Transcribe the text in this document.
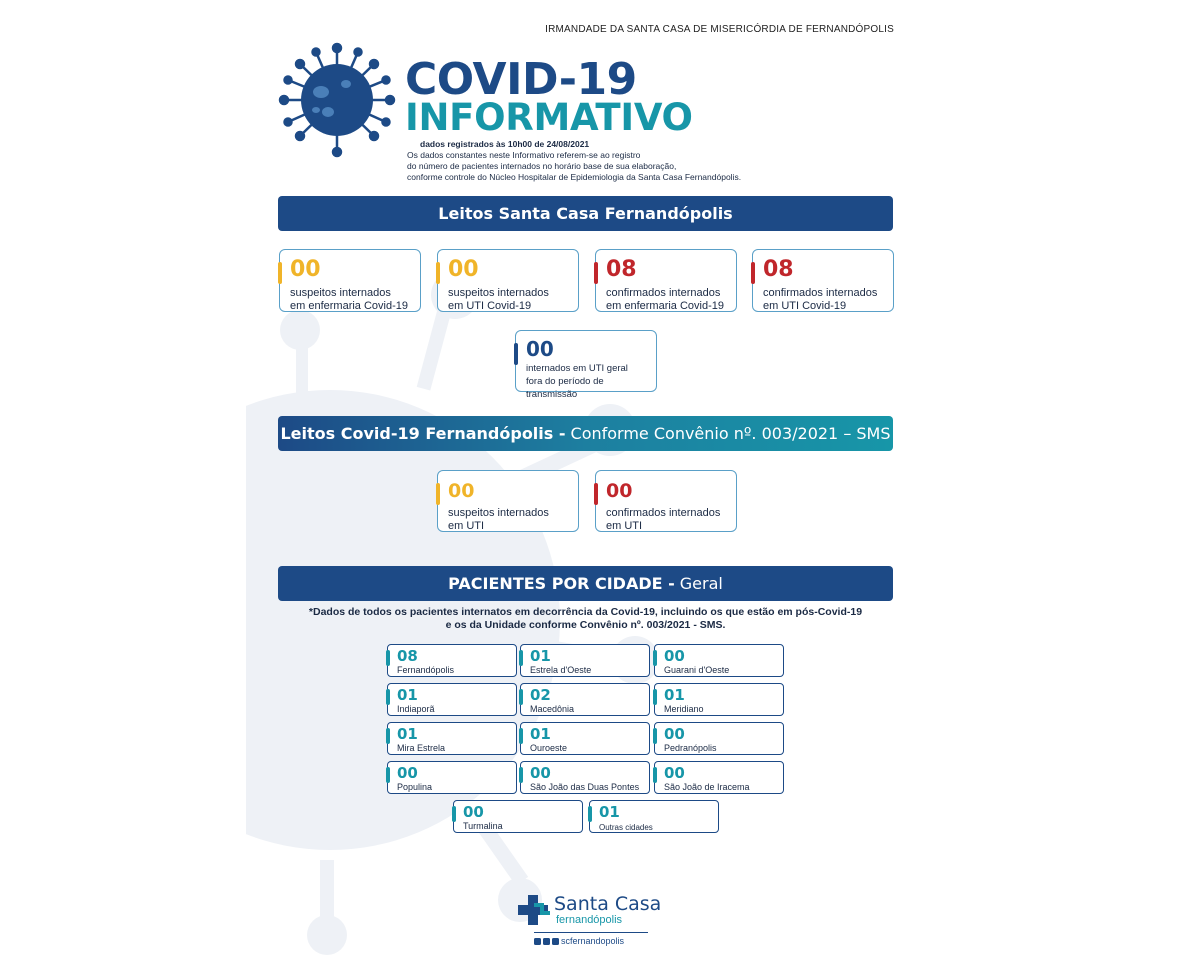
IRMANDADE DA SANTA CASA DE MISERICÓRDIA DE FERNANDÓPOLIS
COVID-19
INFORMATIVO
dados registrados às 10h00 de 24/08/2021
Os dados constantes neste Informativo referem-se ao registro
do número de pacientes internados no horário base de sua elaboração,
conforme controle do Núcleo Hospitalar de Epidemiologia da Santa Casa Fernandópolis.
Leitos Santa Casa Fernandópolis
00
suspeitos internados
em enfermaria Covid-19
00
suspeitos internados
em UTI Covid-19
08
confirmados internados
em enfermaria Covid-19
08
confirmados internados
em UTI Covid-19
00
internados em UTI geral
fora do período de transmissão
Leitos Covid-19 Fernandópolis - Conforme Convênio nº. 003/2021 – SMS
00
suspeitos internados
em UTI
00
confirmados internados
em UTI
PACIENTES POR CIDADE - Geral
*Dados de todos os pacientes internatos em decorrência da Covid-19, incluindo os que estão em pós-Covid-19
e os da Unidade conforme Convênio nº. 003/2021 - SMS.
08
Fernandópolis
01
Estrela d'Oeste
00
Guarani d'Oeste
01
Indiaporã
02
Macedônia
01
Meridiano
01
Mira Estrela
01
Ouroeste
00
Pedranópolis
00
Populina
00
São João das Duas Pontes
00
São João de Iracema
00
Turmalina
01
Outras cidades
Santa Casa
fernandópolis
scfernandopolis
